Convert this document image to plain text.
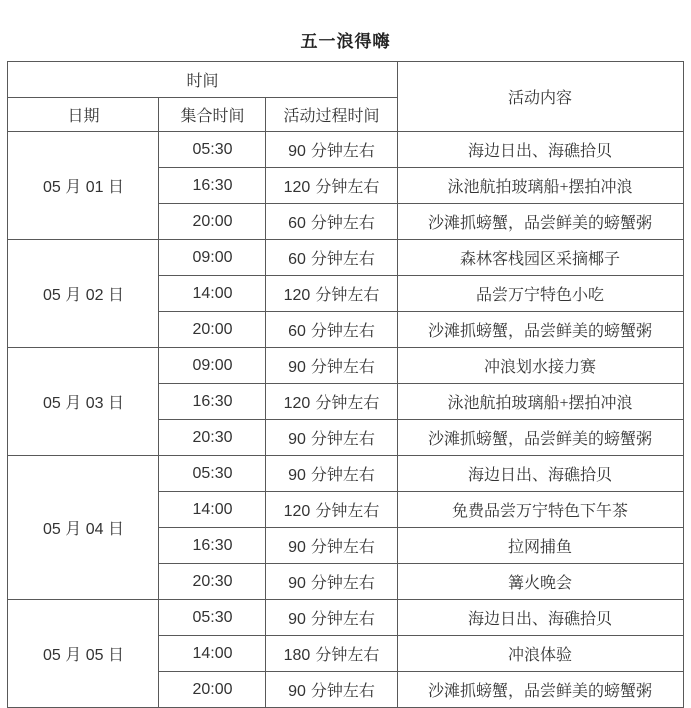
五一浪得嗨
时间			活动内容
日期	集合时间	活动过程时间	
05 月 01 日	05:30	90 分钟左右	海边日出、海礁拾贝
	16:30	120 分钟左右	泳池航拍玻璃船+摆拍冲浪
	20:00	60 分钟左右	沙滩抓螃蟹，品尝鲜美的螃蟹粥
05 月 02 日	09:00	60 分钟左右	森林客栈园区采摘椰子
	14:00	120 分钟左右	品尝万宁特色小吃
	20:00	60 分钟左右	沙滩抓螃蟹，品尝鲜美的螃蟹粥
05 月 03 日	09:00	90 分钟左右	冲浪划水接力赛
	16:30	120 分钟左右	泳池航拍玻璃船+摆拍冲浪
	20:30	90 分钟左右	沙滩抓螃蟹，品尝鲜美的螃蟹粥
05 月 04 日	05:30	90 分钟左右	海边日出、海礁拾贝
	14:00	120 分钟左右	免费品尝万宁特色下午茶
	16:30	90 分钟左右	拉网捕鱼
	20:30	90 分钟左右	篝火晚会
05 月 05 日	05:30	90 分钟左右	海边日出、海礁拾贝
	14:00	180 分钟左右	冲浪体验
	20:00	90 分钟左右	沙滩抓螃蟹，品尝鲜美的螃蟹粥
